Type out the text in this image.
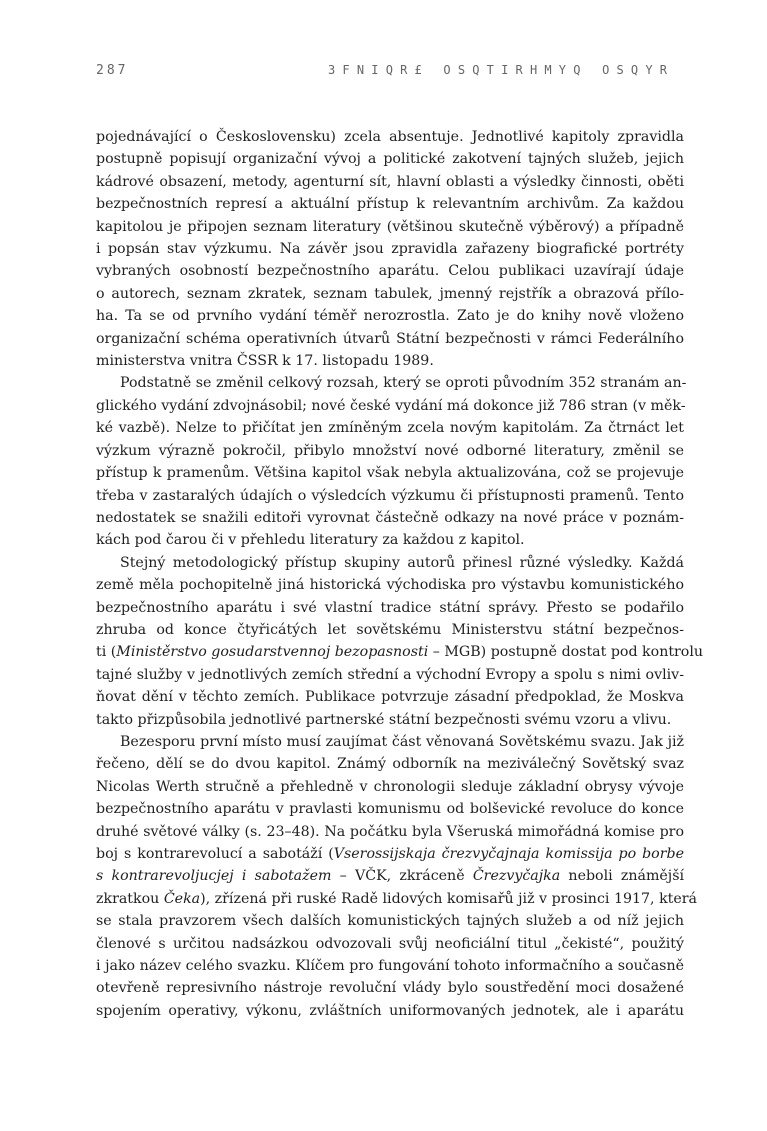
287	3FNIQR£ OSQTIRHMYQ OSQYR
pojednávající o Československu) zcela absentuje. Jednotlivé kapitoly zpravidla
postupně popisují organizační vývoj a politické zakotvení tajných služeb, jejich
kádrové obsazení, metody, agenturní sít, hlavní oblasti a výsledky činnosti, oběti
bezpečnostních represí a aktuální přístup k relevantním archivům. Za každou
kapitolou je připojen seznam literatury (většinou skutečně výběrový) a případně
i popsán stav výzkumu. Na závěr jsou zpravidla zařazeny biografické portréty
vybraných osobností bezpečnostního aparátu. Celou publikaci uzavírají údaje
o autorech, seznam zkratek, seznam tabulek, jmenný rejstřík a obrazová přílo-
ha. Ta se od prvního vydání téměř nerozrostla. Zato je do knihy nově vloženo
organizační schéma operativních útvarů Státní bezpečnosti v rámci Federálního
ministerstva vnitra ČSSR k 17. listopadu 1989.
Podstatně se změnil celkový rozsah, který se oproti původním 352 stranám an-
glického vydání zdvojnásobil; nové české vydání má dokonce již 786 stran (v měk-
ké vazbě). Nelze to přičítat jen zmíněným zcela novým kapitolám. Za čtrnáct let
výzkum výrazně pokročil, přibylo množství nové odborné literatury, změnil se
přístup k pramenům. Většina kapitol však nebyla aktualizována, což se projevuje
třeba v zastaralých údajích o výsledcích výzkumu či přístupnosti pramenů. Tento
nedostatek se snažili editoři vyrovnat částečně odkazy na nové práce v poznám-
kách pod čarou či v přehledu literatury za každou z kapitol.
Stejný metodologický přístup skupiny autorů přinesl různé výsledky. Každá
země měla pochopitelně jiná historická východiska pro výstavbu komunistického
bezpečnostního aparátu i své vlastní tradice státní správy. Přesto se podařilo
zhruba od konce čtyřicátých let sovětskému Ministerstvu státní bezpečnos-
ti (Ministěrstvo gosudarstvennoj bezopasnosti – MGB) postupně dostat pod kontrolu
tajné služby v jednotlivých zemích střední a východní Evropy a spolu s nimi ovliv-
ňovat dění v těchto zemích. Publikace potvrzuje zásadní předpoklad, že Moskva
takto přizpůsobila jednotlivé partnerské státní bezpečnosti svému vzoru a vlivu.
Bezesporu první místo musí zaujímat část věnovaná Sovětskému svazu. Jak již
řečeno, dělí se do dvou kapitol. Známý odborník na meziválečný Sovětský svaz
Nicolas Werth stručně a přehledně v chronologii sleduje základní obrysy vývoje
bezpečnostního aparátu v pravlasti komunismu od bolševické revoluce do konce
druhé světové války (s. 23–48). Na počátku byla Všeruská mimořádná komise pro
boj s kontrarevolucí a sabotáží (Vserossijskaja črezvyčajnaja komissija po borbe
s kontrarevoljucjej i sabotažem – VČK, zkráceně Črezvyčajka neboli známější
zkratkou Čeka), zřízená při ruské Radě lidových komisařů již v prosinci 1917, která
se stala pravzorem všech dalších komunistických tajných služeb a od níž jejich
členové s určitou nadsázkou odvozovali svůj neoficiální titul „čekisté“, použitý
i jako název celého svazku. Klíčem pro fungování tohoto informačního a současně
otevřeně represivního nástroje revoluční vlády bylo soustředění moci dosažené
spojením operativy, výkonu, zvláštních uniformovaných jednotek, ale i aparátu
